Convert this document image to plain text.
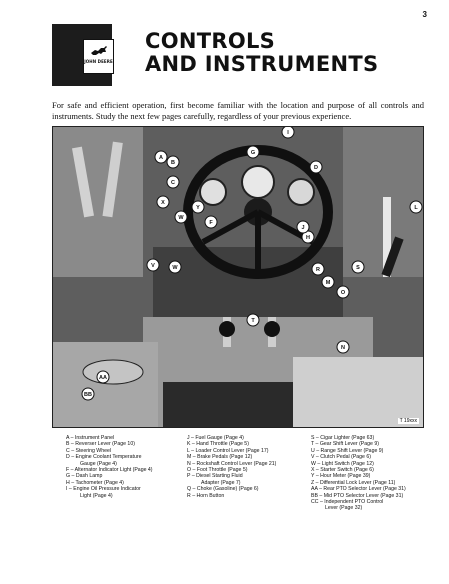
3
JOHN DEERE
CONTROLS
AND INSTRUMENTS
For safe and efficient operation, first become familiar with the location and purpose of all controls and instruments. Study the next few pages carefully, regardless of your previous experience.
A
B
C
X
I
G
Y
F
W
H
J
V	W
O
T
R
M
S
L
N
D
AA
BB
T 19xxx
A – Instrument Panel
B – Reverser Lever (Page 10)
C – Steering Wheel
D – Engine Coolant Temperature
Gauge (Page 4)
F – Alternator Indicator Light (Page 4)
G – Dash Lamp
H – Tachometer (Page 4)
I – Engine Oil Pressure Indicator
Light (Page 4)
J – Fuel Gauge (Page 4)
K – Hand Throttle (Page 5)
L – Loader Control Lever (Page 17)
M – Brake Pedals (Page 12)
N – Rockshaft Control Lever (Page 21)
O – Foot Throttle (Page 5)
P – Diesel Starting Fluid
Adapter (Page 7)
Q – Choke (Gasoline) (Page 6)
R – Horn Button
S – Cigar Lighter (Page 63)
T – Gear Shift Lever (Page 9)
U – Range Shift Lever (Page 9)
V – Clutch Pedal (Page 6)
W – Light Switch (Page 12)
X – Starter Switch (Page 6)
Y – Hour Meter (Page 39)
Z – Differential Lock Lever (Page 11)
AA – Rear PTO Selector Lever (Page 31)
BB – Mid PTO Selector Lever (Page 31)
CC – Independent PTO Control
Lever (Page 32)
